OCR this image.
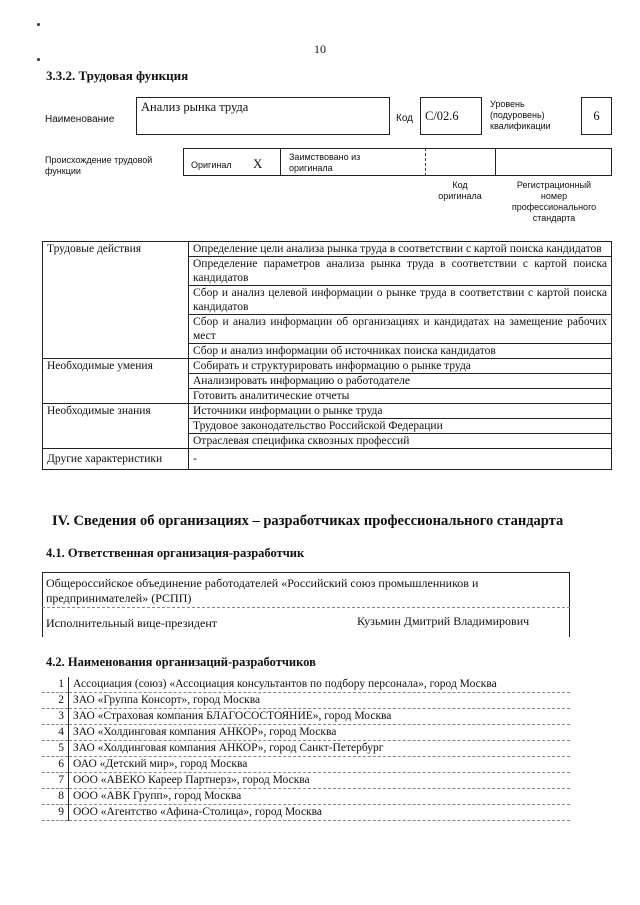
10
3.3.2. Трудовая функция
Наименование
Анализ рынка труда
Код С/02.6
Уровень
(подуровень)
квалификации
6
Происхождение трудовой
функции
Оригинал X	Заимствовано из
оригинала
Код
оригинала
Регистрационный
номер
профессионального
стандарта
Трудовые действия	Определение цели анализа рынка труда в соответствии с картой поиска кандидатов
	Определение параметров анализа рынка труда в соответствии с картой поиска кандидатов
	Сбор и анализ целевой информации о рынке труда в соответствии с картой поиска кандидатов
	Сбор и анализ информации об организациях и кандидатах на замещение рабочих мест
	Сбор и анализ информации об источниках поиска кандидатов
Необходимые умения	Собирать и структурировать информацию о рынке труда
	Анализировать информацию о работодателе
	Готовить аналитические отчеты
Необходимые знания	Источники информации о рынке труда
	Трудовое законодательство Российской Федерации
	Отраслевая специфика сквозных профессий
Другие характеристики	-
IV. Сведения об организациях – разработчиках профессионального стандарта
4.1. Ответственная организация-разработчик
Общероссийское объединение работодателей «Российский союз промышленников и
предпринимателей» (РСПП)
Исполнительный вице-президент	Кузьмин Дмитрий Владимирович
4.2. Наименования организаций-разработчиков
1	Ассоциация (союз) «Ассоциация консультантов по подбору персонала», город Москва
2	ЗАО «Группа Консорт», город Москва
3	ЗАО «Страховая компания БЛАГОСОСТОЯНИЕ», город Москва
4	ЗАО «Холдинговая компания АНКОР», город Москва
5	ЗАО «Холдинговая компания АНКОР», город Санкт-Петербург
6	ОАО «Детский мир», город Москва
7	ООО «АВЕКО Кареер Партнерз», город Москва
8	ООО «АВК Групп», город Москва
9	ООО «Агентство «Афина-Столица», город Москва
